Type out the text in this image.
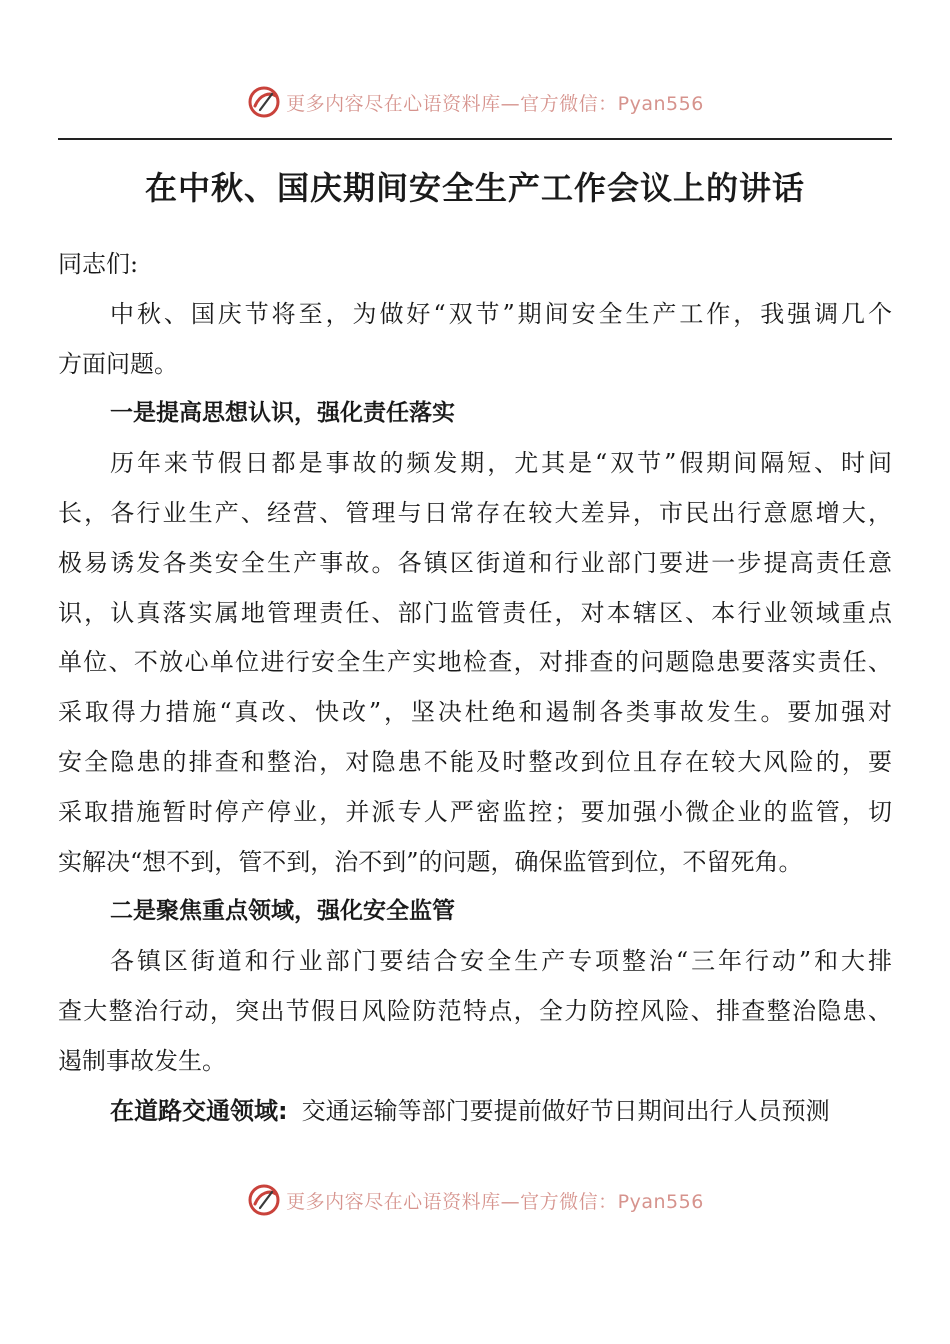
更多内容尽在心语资料库—官方微信：Pyan556
在中秋、国庆期间安全生产工作会议上的讲话
同志们:
中秋、国庆节将至，为做好“双节”期间安全生产工作，我强调几个
方面问题。
一是提高思想认识，强化责任落实
历年来节假日都是事故的频发期，尤其是“双节”假期间隔短、时间
长，各行业生产、经营、管理与日常存在较大差异，市民出行意愿增大，
极易诱发各类安全生产事故。各镇区街道和行业部门要进一步提高责任意
识，认真落实属地管理责任、部门监管责任，对本辖区、本行业领域重点
单位、不放心单位进行安全生产实地检查，对排查的问题隐患要落实责任、
采取得力措施“真改、快改”，坚决杜绝和遏制各类事故发生。要加强对
安全隐患的排查和整治，对隐患不能及时整改到位且存在较大风险的，要
采取措施暂时停产停业，并派专人严密监控；要加强小微企业的监管，切
实解决“想不到，管不到，治不到”的问题，确保监管到位，不留死角。
二是聚焦重点领域，强化安全监管
各镇区街道和行业部门要结合安全生产专项整治“三年行动”和大排
查大整治行动，突出节假日风险防范特点，全力防控风险、排查整治隐患、
遏制事故发生。
在道路交通领域: 交通运输等部门要提前做好节日期间出行人员预测
更多内容尽在心语资料库—官方微信：Pyan556
